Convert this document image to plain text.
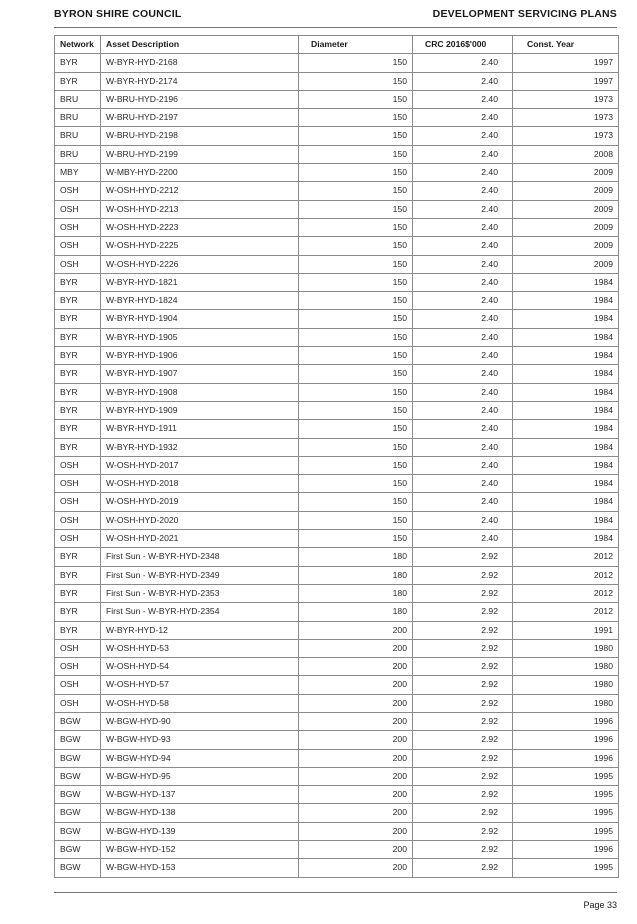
BYRON SHIRE COUNCIL	DEVELOPMENT SERVICING PLANS
Network	Asset Description	Diameter	CRC 2016$'000	Const. Year
BYR	W-BYR-HYD-2168	150	2.40	1997
BYR	W-BYR-HYD-2174	150	2.40	1997
BRU	W-BRU-HYD-2196	150	2.40	1973
BRU	W-BRU-HYD-2197	150	2.40	1973
BRU	W-BRU-HYD-2198	150	2.40	1973
BRU	W-BRU-HYD-2199	150	2.40	2008
MBY	W-MBY-HYD-2200	150	2.40	2009
OSH	W-OSH-HYD-2212	150	2.40	2009
OSH	W-OSH-HYD-2213	150	2.40	2009
OSH	W-OSH-HYD-2223	150	2.40	2009
OSH	W-OSH-HYD-2225	150	2.40	2009
OSH	W-OSH-HYD-2226	150	2.40	2009
BYR	W-BYR-HYD-1821	150	2.40	1984
BYR	W-BYR-HYD-1824	150	2.40	1984
BYR	W-BYR-HYD-1904	150	2.40	1984
BYR	W-BYR-HYD-1905	150	2.40	1984
BYR	W-BYR-HYD-1906	150	2.40	1984
BYR	W-BYR-HYD-1907	150	2.40	1984
BYR	W-BYR-HYD-1908	150	2.40	1984
BYR	W-BYR-HYD-1909	150	2.40	1984
BYR	W-BYR-HYD-1911	150	2.40	1984
BYR	W-BYR-HYD-1932	150	2.40	1984
OSH	W-OSH-HYD-2017	150	2.40	1984
OSH	W-OSH-HYD-2018	150	2.40	1984
OSH	W-OSH-HYD-2019	150	2.40	1984
OSH	W-OSH-HYD-2020	150	2.40	1984
OSH	W-OSH-HYD-2021	150	2.40	1984
BYR	First Sun - W-BYR-HYD-2348	180	2.92	2012
BYR	First Sun - W-BYR-HYD-2349	180	2.92	2012
BYR	First Sun - W-BYR-HYD-2353	180	2.92	2012
BYR	First Sun - W-BYR-HYD-2354	180	2.92	2012
BYR	W-BYR-HYD-12	200	2.92	1991
OSH	W-OSH-HYD-53	200	2.92	1980
OSH	W-OSH-HYD-54	200	2.92	1980
OSH	W-OSH-HYD-57	200	2.92	1980
OSH	W-OSH-HYD-58	200	2.92	1980
BGW	W-BGW-HYD-90	200	2.92	1996
BGW	W-BGW-HYD-93	200	2.92	1996
BGW	W-BGW-HYD-94	200	2.92	1996
BGW	W-BGW-HYD-95	200	2.92	1995
BGW	W-BGW-HYD-137	200	2.92	1995
BGW	W-BGW-HYD-138	200	2.92	1995
BGW	W-BGW-HYD-139	200	2.92	1995
BGW	W-BGW-HYD-152	200	2.92	1996
BGW	W-BGW-HYD-153	200	2.92	1995
Page 33
